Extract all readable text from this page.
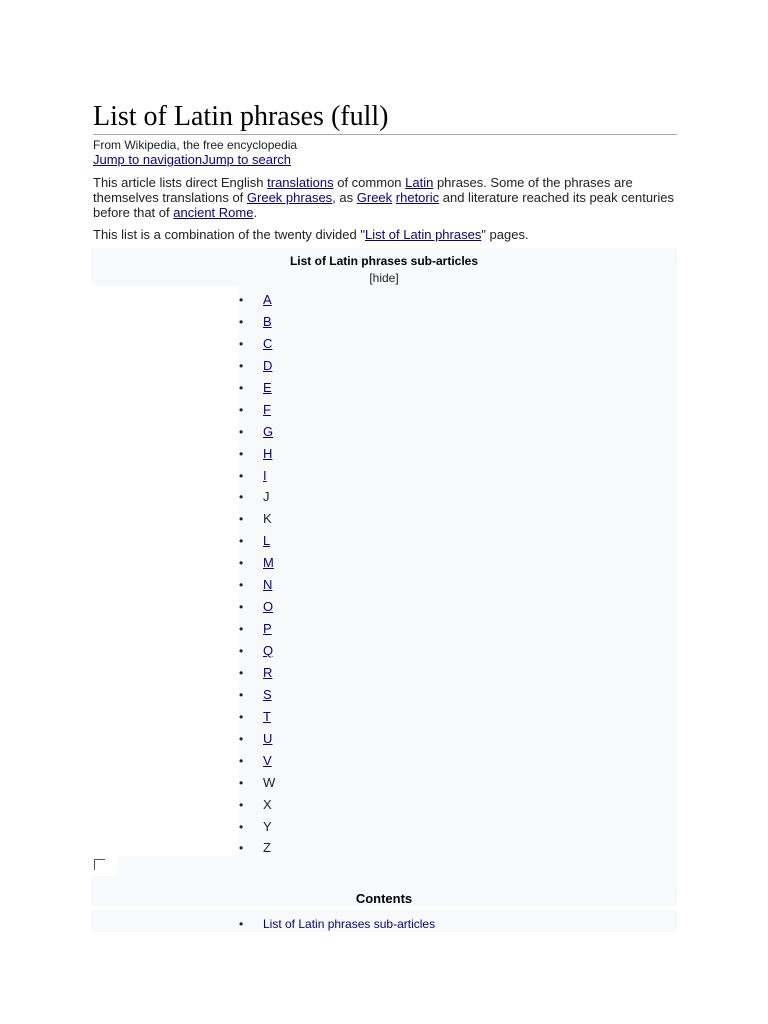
List of Latin phrases (full)
From Wikipedia, the free encyclopedia
Jump to navigationJump to search

This article lists direct English translations of common Latin phrases. Some of the phrases are themselves translations of Greek phrases, as Greek rhetoric and literature reached its peak centuries before that of ancient Rome.

This list is a combination of the twenty divided "List of Latin phrases" pages.

List of Latin phrases sub-articles
[hide]
• A
• B
• C
• D
• E
• F
• G
• H
• I
• J
• K
• L
• M
• N
• O
• P
• Q
• R
• S
• T
• U
• V
• W
• X
• Y
• Z
Contents
• List of Latin phrases sub-articles
